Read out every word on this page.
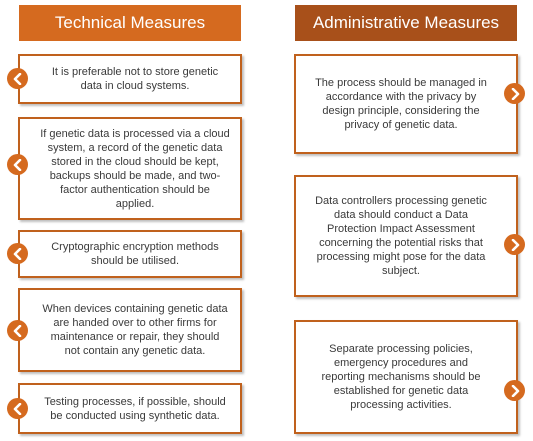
Technical Measures	Administrative Measures
It is preferable not to store genetic data in cloud systems.
If genetic data is processed via a cloud system, a record of the genetic data stored in the cloud should be kept, backups should be made, and two-factor authentication should be applied.
Cryptographic encryption methods should be utilised.
When devices containing genetic data are handed over to other firms for maintenance or repair, they should not contain any genetic data.
Testing processes, if possible, should be conducted using synthetic data.
The process should be managed in accordance with the privacy by design principle, considering the privacy of genetic data.
Data controllers processing genetic data should conduct a Data Protection Impact Assessment concerning the potential risks that processing might pose for the data subject.
Separate processing policies, emergency procedures and reporting mechanisms should be established for genetic data processing activities.
